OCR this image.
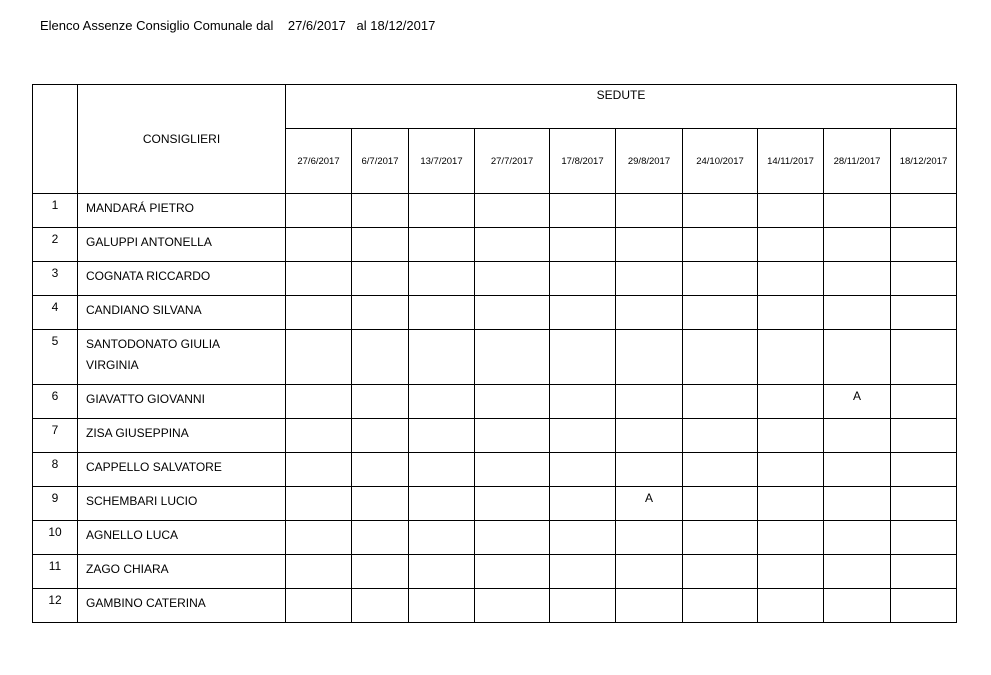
Elenco Assenze Consiglio Comunale dal    27/6/2017   al 18/12/2017
	CONSIGLIERI	SEDUTE									
		27/6/2017	6/7/2017	13/7/2017	27/7/2017	17/8/2017	29/8/2017	24/10/2017	14/11/2017	28/11/2017	18/12/2017
1	MANDARÁ PIETRO										

2	GALUPPI ANTONELLA										

3	COGNATA RICCARDO										

4	CANDIANO SILVANA										

5	SANTODONATO GIULIA
VIRGINIA										

6	GIAVATTO GIOVANNI									A	
7	ZISA GIUSEPPINA										

8	CAPPELLO SALVATORE										

9	SCHEMBARI LUCIO						A				
10	AGNELLO LUCA										

11	ZAGO CHIARA										

12	GAMBINO CATERINA										
